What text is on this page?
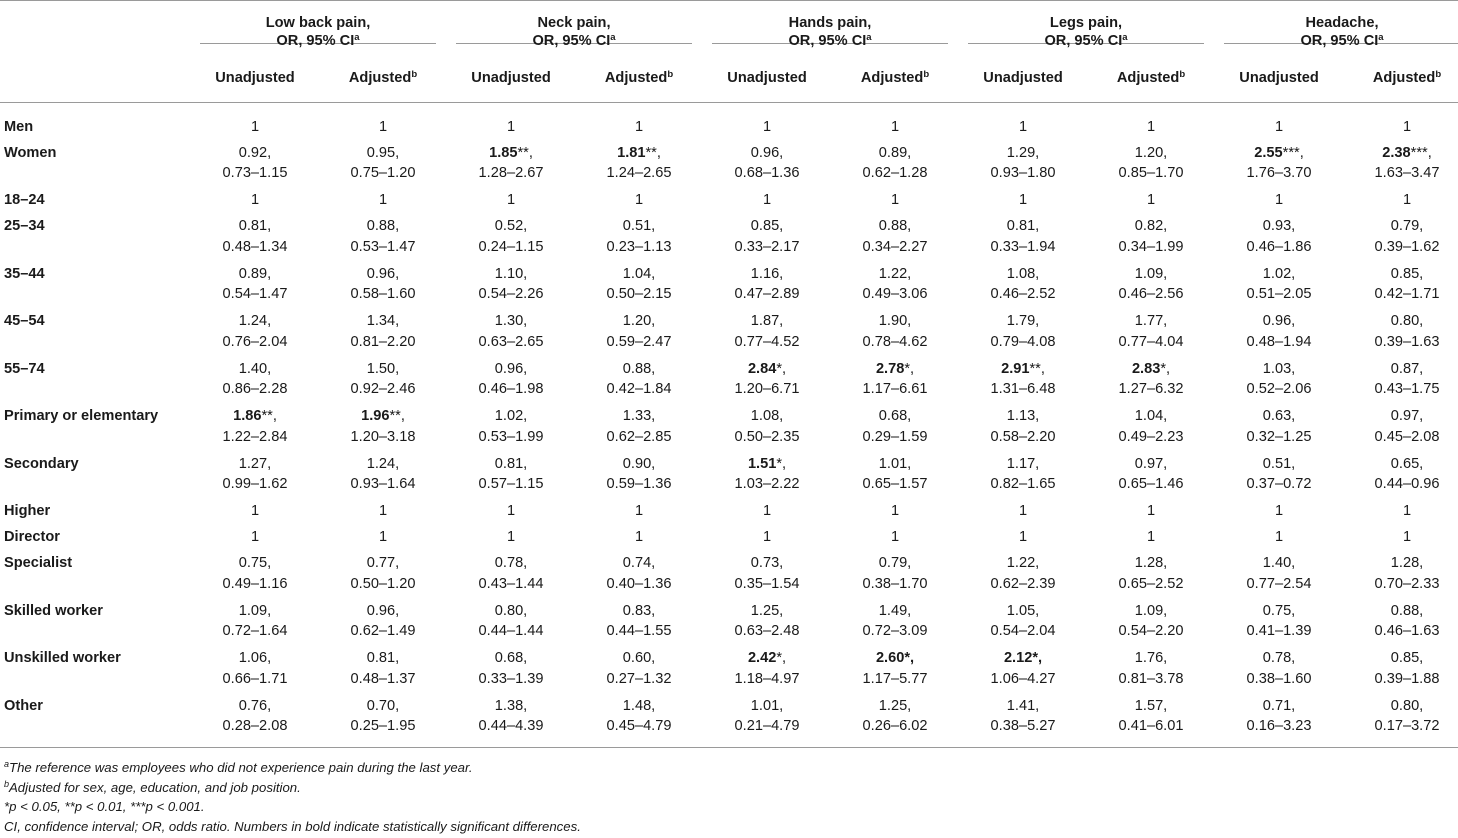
	Low back pain,
OR, 95% $CI^a$		Neck pain,
OR, 95% $CI^a$		Hands pain,
OR, 95% $CI^a$		Legs pain,
OR, 95% $CI^a$		Headache,
OR, 95% $CI^a$

	Unadjusted	Adjusted$^b$	Unadjusted	Adjusted$^b$	Unadjusted	Adjusted$^b$	Unadjusted	Adjusted$^b$	Unadjusted	Adjusted$^b$
Men	1	1	1	1	1	1	1	1	1	1

Women	0.92,
0.73–1.15	0.95,
0.75–1.20	1.85**,
1.28–2.67	1.81**,
1.24–2.65	0.96,
0.68–1.36	0.89,
0.62–1.28	1.29,
0.93–1.80	1.20,
0.85–1.70	2.55***,
1.76–3.70	2.38***,
1.63–3.47

18–24	1	1	1	1	1	1	1	1	1	1

25–34	0.81,
0.48–1.34	0.88,
0.53–1.47	0.52,
0.24–1.15	0.51,
0.23–1.13	0.85,
0.33–2.17	0.88,
0.34–2.27	0.81,
0.33–1.94	0.82,
0.34–1.99	0.93,
0.46–1.86	0.79,
0.39–1.62

35–44	0.89,
0.54–1.47	0.96,
0.58–1.60	1.10,
0.54–2.26	1.04,
0.50–2.15	1.16,
0.47–2.89	1.22,
0.49–3.06	1.08,
0.46–2.52	1.09,
0.46–2.56	1.02,
0.51–2.05	0.85,
0.42–1.71

45–54	1.24,
0.76–2.04	1.34,
0.81–2.20	1.30,
0.63–2.65	1.20,
0.59–2.47	1.87,
0.77–4.52	1.90,
0.78–4.62	1.79,
0.79–4.08	1.77,
0.77–4.04	0.96,
0.48–1.94	0.80,
0.39–1.63

55–74	1.40,
0.86–2.28	1.50,
0.92–2.46	0.96,
0.46–1.98	0.88,
0.42–1.84	2.84*,
1.20–6.71	2.78*,
1.17–6.61	2.91**,
1.31–6.48	2.83*,
1.27–6.32	1.03,
0.52–2.06	0.87,
0.43–1.75

Primary or elementary	1.86**,
1.22–2.84	1.96**,
1.20–3.18	1.02,
0.53–1.99	1.33,
0.62–2.85	1.08,
0.50–2.35	0.68,
0.29–1.59	1.13,
0.58–2.20	1.04,
0.49–2.23	0.63,
0.32–1.25	0.97,
0.45–2.08

Secondary	1.27,
0.99–1.62	1.24,
0.93–1.64	0.81,
0.57–1.15	0.90,
0.59–1.36	1.51*,
1.03–2.22	1.01,
0.65–1.57	1.17,
0.82–1.65	0.97,
0.65–1.46	0.51,
0.37–0.72	0.65,
0.44–0.96

Higher	1	1	1	1	1	1	1	1	1	1

Director	1	1	1	1	1	1	1	1	1	1

Specialist	0.75,
0.49–1.16	0.77,
0.50–1.20	0.78,
0.43–1.44	0.74,
0.40–1.36	0.73,
0.35–1.54	0.79,
0.38–1.70	1.22,
0.62–2.39	1.28,
0.65–2.52	1.40,
0.77–2.54	1.28,
0.70–2.33

Skilled worker	1.09,
0.72–1.64	0.96,
0.62–1.49	0.80,
0.44–1.44	0.83,
0.44–1.55	1.25,
0.63–2.48	1.49,
0.72–3.09	1.05,
0.54–2.04	1.09,
0.54–2.20	0.75,
0.41–1.39	0.88,
0.46–1.63

Unskilled worker	1.06,
0.66–1.71	0.81,
0.48–1.37	0.68,
0.33–1.39	0.60,
0.27–1.32	2.42*,
1.18–4.97	2.60*,
1.17–5.77	2.12*,
1.06–4.27	1.76,
0.81–3.78	0.78,
0.38–1.60	0.85,
0.39–1.88

Other	0.76,
0.28–2.08	0.70,
0.25–1.95	1.38,
0.44–4.39	1.48,
0.45–4.79	1.01,
0.21–4.79	1.25,
0.26–6.02	1.41,
0.38–5.27	1.57,
0.41–6.01	0.71,
0.16–3.23	0.80,
0.17–3.72
$^a$The reference was employees who did not experience pain during the last year.
$^b$Adjusted for sex, age, education, and job position.
*p < 0.05, **p < 0.01, ***p < 0.001.
CI, confidence interval; OR, odds ratio. Numbers in bold indicate statistically significant differences.
